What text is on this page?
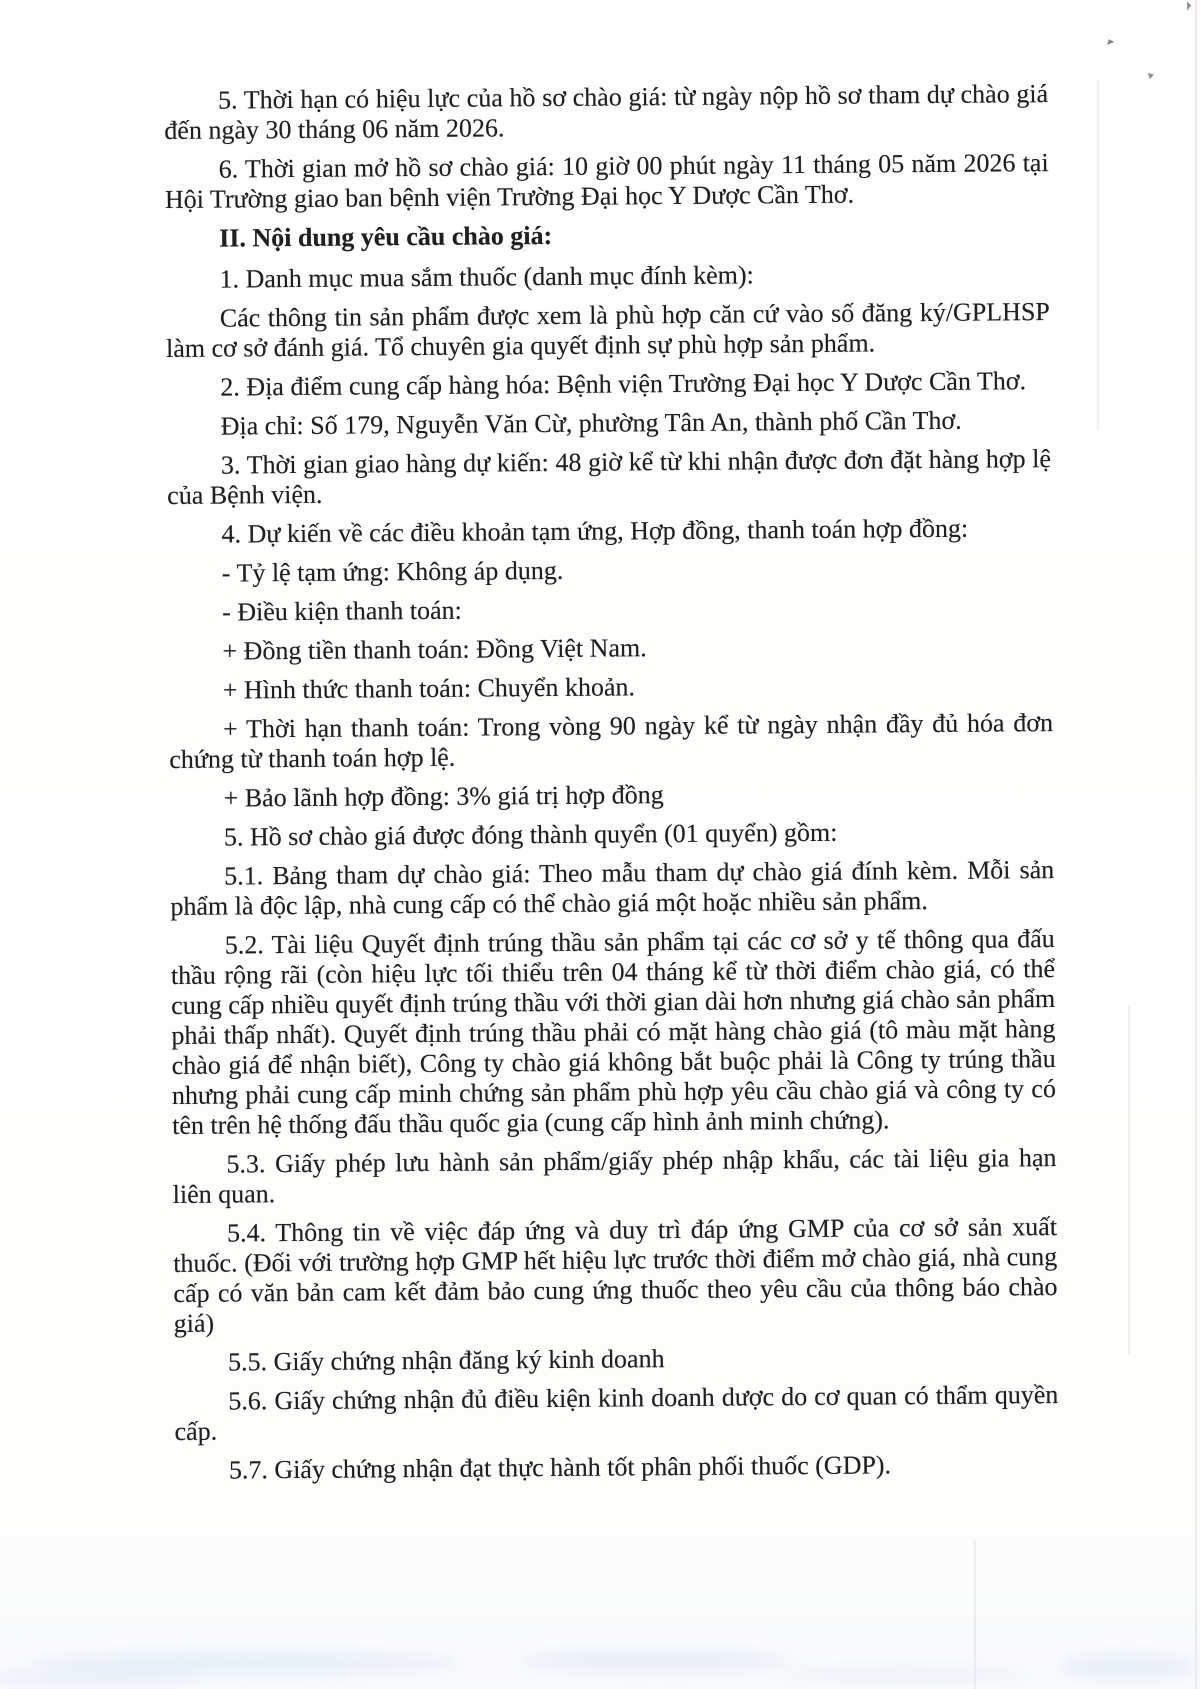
5. Thời hạn có hiệu lực của hồ sơ chào giá: từ ngày nộp hồ sơ tham dự chào giá đến ngày 30 tháng 06 năm 2026.

6. Thời gian mở hồ sơ chào giá: 10 giờ 00 phút ngày 11 tháng 05 năm 2026 tại Hội Trường giao ban bệnh viện Trường Đại học Y Dược Cần Thơ.

II. Nội dung yêu cầu chào giá:

1. Danh mục mua sắm thuốc (danh mục đính kèm):

Các thông tin sản phẩm được xem là phù hợp căn cứ vào số đăng ký/GPLHSP làm cơ sở đánh giá. Tổ chuyên gia quyết định sự phù hợp sản phẩm.

2. Địa điểm cung cấp hàng hóa: Bệnh viện Trường Đại học Y Dược Cần Thơ.

Địa chỉ: Số 179, Nguyễn Văn Cừ, phường Tân An, thành phố Cần Thơ.

3. Thời gian giao hàng dự kiến: 48 giờ kể từ khi nhận được đơn đặt hàng hợp lệ của Bệnh viện.

4. Dự kiến về các điều khoản tạm ứng, Hợp đồng, thanh toán hợp đồng:

- Tỷ lệ tạm ứng: Không áp dụng.

- Điều kiện thanh toán:

+ Đồng tiền thanh toán: Đồng Việt Nam.

+ Hình thức thanh toán: Chuyển khoản.

+ Thời hạn thanh toán: Trong vòng 90 ngày kể từ ngày nhận đầy đủ hóa đơn chứng từ thanh toán hợp lệ.

+ Bảo lãnh hợp đồng: 3% giá trị hợp đồng

5. Hồ sơ chào giá được đóng thành quyển (01 quyển) gồm:

5.1. Bảng tham dự chào giá: Theo mẫu tham dự chào giá đính kèm. Mỗi sản phẩm là độc lập, nhà cung cấp có thể chào giá một hoặc nhiều sản phẩm.

5.2. Tài liệu Quyết định trúng thầu sản phẩm tại các cơ sở y tế thông qua đấu thầu rộng rãi (còn hiệu lực tối thiểu trên 04 tháng kể từ thời điểm chào giá, có thể cung cấp nhiều quyết định trúng thầu với thời gian dài hơn nhưng giá chào sản phẩm phải thấp nhất). Quyết định trúng thầu phải có mặt hàng chào giá (tô màu mặt hàng chào giá để nhận biết), Công ty chào giá không bắt buộc phải là Công ty trúng thầu nhưng phải cung cấp minh chứng sản phẩm phù hợp yêu cầu chào giá và công ty có tên trên hệ thống đấu thầu quốc gia (cung cấp hình ảnh minh chứng).

5.3. Giấy phép lưu hành sản phẩm/giấy phép nhập khẩu, các tài liệu gia hạn liên quan.

5.4. Thông tin về việc đáp ứng và duy trì đáp ứng GMP của cơ sở sản xuất thuốc. (Đối với trường hợp GMP hết hiệu lực trước thời điểm mở chào giá, nhà cung cấp có văn bản cam kết đảm bảo cung ứng thuốc theo yêu cầu của thông báo chào giá)

5.5. Giấy chứng nhận đăng ký kinh doanh

5.6. Giấy chứng nhận đủ điều kiện kinh doanh dược do cơ quan có thẩm quyền cấp.

5.7. Giấy chứng nhận đạt thực hành tốt phân phối thuốc (GDP).
